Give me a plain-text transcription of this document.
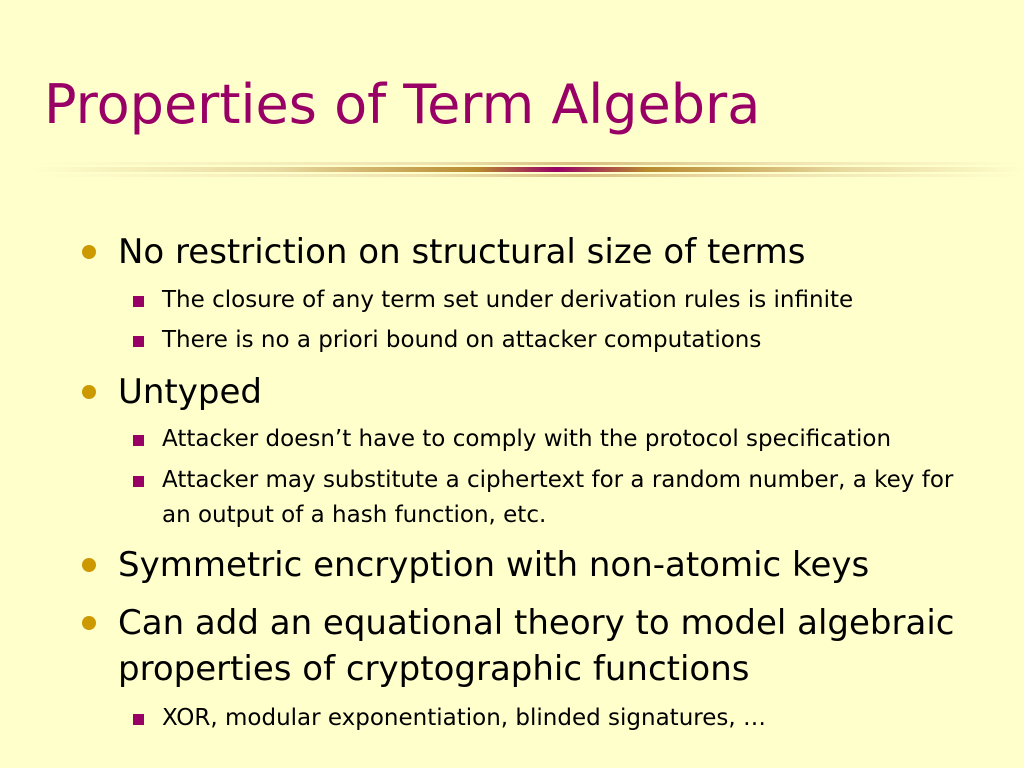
Properties of Term Algebra
No restriction on structural size of terms
The closure of any term set under derivation rules is infinite
There is no a priori bound on attacker computations
Untyped
Attacker doesn’t have to comply with the protocol specification
Attacker may substitute a ciphertext for a random number, a key for an output of a hash function, etc.
Symmetric encryption with non-atomic keys
Can add an equational theory to model algebraic properties of cryptographic functions
XOR, modular exponentiation, blinded signatures, …
